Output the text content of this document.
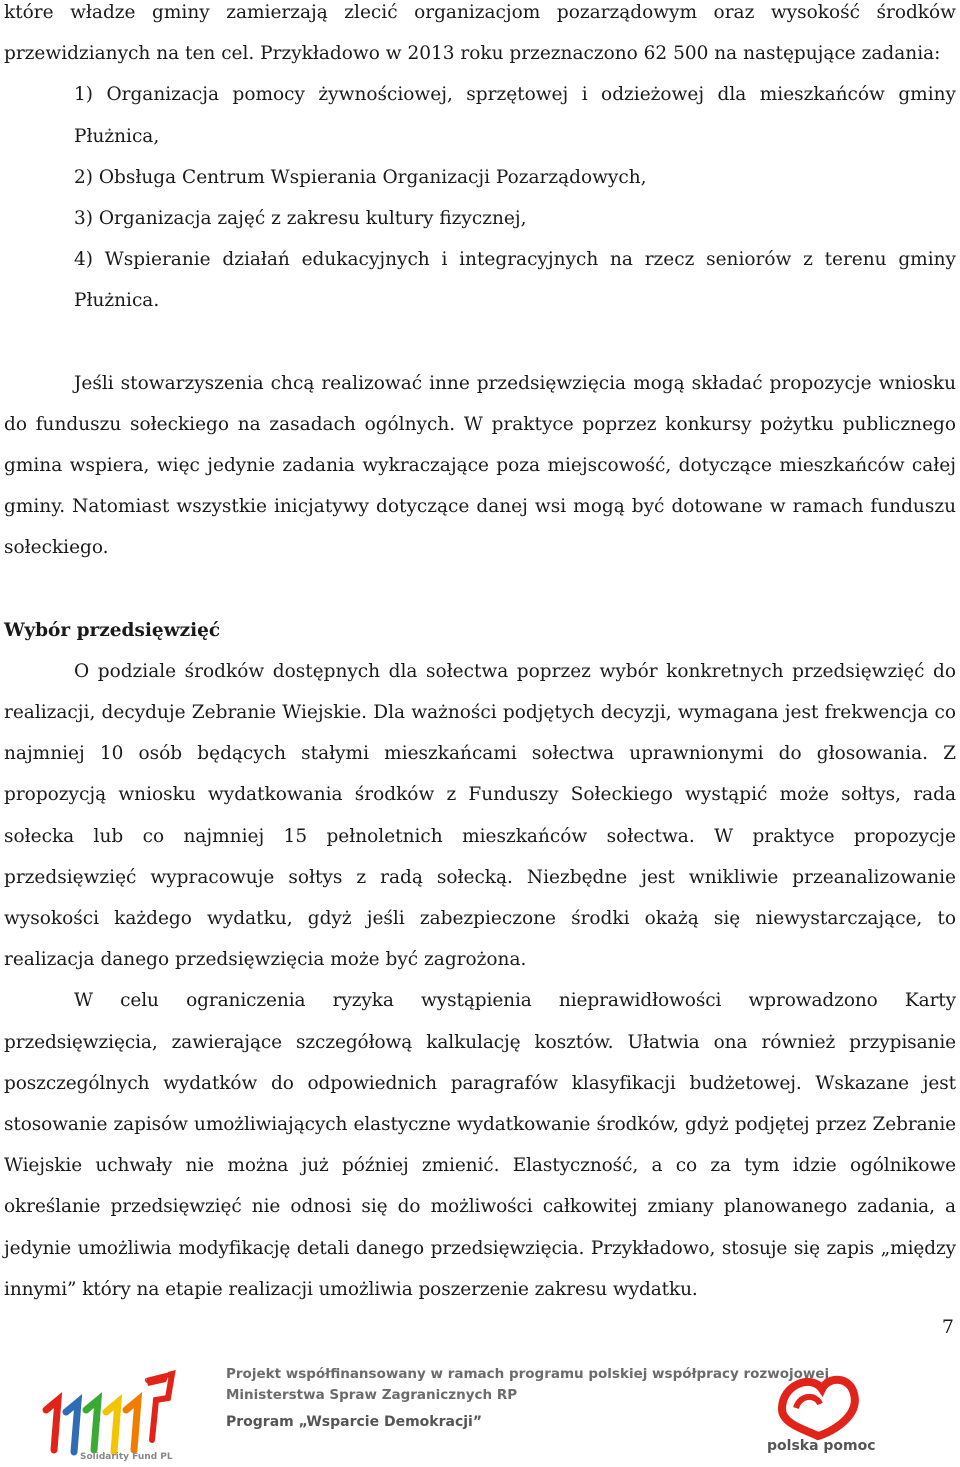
które władze gminy zamierzają zlecić organizacjom pozarządowym oraz wysokość środków przewidzianych na ten cel. Przykładowo w 2013 roku przeznaczono 62 500 na następujące zadania:

1) Organizacja pomocy żywnościowej, sprzętowej i odzieżowej dla mieszkańców gminy Płużnica,

2) Obsługa Centrum Wspierania Organizacji Pozarządowych,

3) Organizacja zajęć z zakresu kultury fizycznej,

4) Wspieranie działań edukacyjnych i integracyjnych na rzecz seniorów z terenu gminy Płużnica.

Jeśli stowarzyszenia chcą realizować inne przedsięwzięcia mogą składać propozycje wniosku do funduszu sołeckiego na zasadach ogólnych. W praktyce poprzez konkursy pożytku publicznego gmina wspiera, więc jedynie zadania wykraczające poza miejscowość, dotyczące mieszkańców całej gminy. Natomiast wszystkie inicjatywy dotyczące danej wsi mogą być dotowane w ramach funduszu sołeckiego.

Wybór przedsięwzięć

O podziale środków dostępnych dla sołectwa poprzez wybór konkretnych przedsięwzięć do realizacji, decyduje Zebranie Wiejskie. Dla ważności podjętych decyzji, wymagana jest frekwencja co najmniej 10 osób będących stałymi mieszkańcami sołectwa uprawnionymi do głosowania. Z propozycją wniosku wydatkowania środków z Funduszy Sołeckiego wystąpić może sołtys, rada sołecka lub co najmniej 15 pełnoletnich mieszkańców sołectwa. W praktyce propozycje przedsięwzięć wypracowuje sołtys z radą sołecką. Niezbędne jest wnikliwie przeanalizowanie wysokości każdego wydatku, gdyż jeśli zabezpieczone środki okażą się niewystarczające, to realizacja danego przedsięwzięcia może być zagrożona.

W celu ograniczenia ryzyka wystąpienia nieprawidłowości wprowadzono Karty przedsięwzięcia, zawierające szczegółową kalkulację kosztów. Ułatwia ona również przypisanie poszczególnych wydatków do odpowiednich paragrafów klasyfikacji budżetowej. Wskazane jest stosowanie zapisów umożliwiających elastyczne wydatkowanie środków, gdyż podjętej przez Zebranie Wiejskie uchwały nie można już później zmienić. Elastyczność, a co za tym idzie ogólnikowe określanie przedsięwzięć nie odnosi się do możliwości całkowitej zmiany planowanego zadania, a jedynie umożliwia modyfikację detali danego przedsięwzięcia. Przykładowo, stosuje się zapis „między innymi” który na etapie realizacji umożliwia poszerzenie zakresu wydatku.

7
Solidarity Fund PL
Projekt współfinansowany w ramach programu polskiej współpracy rozwojowej
Ministerstwa Spraw Zagranicznych RP
Program „Wsparcie Demokracji”
polska pomoc
